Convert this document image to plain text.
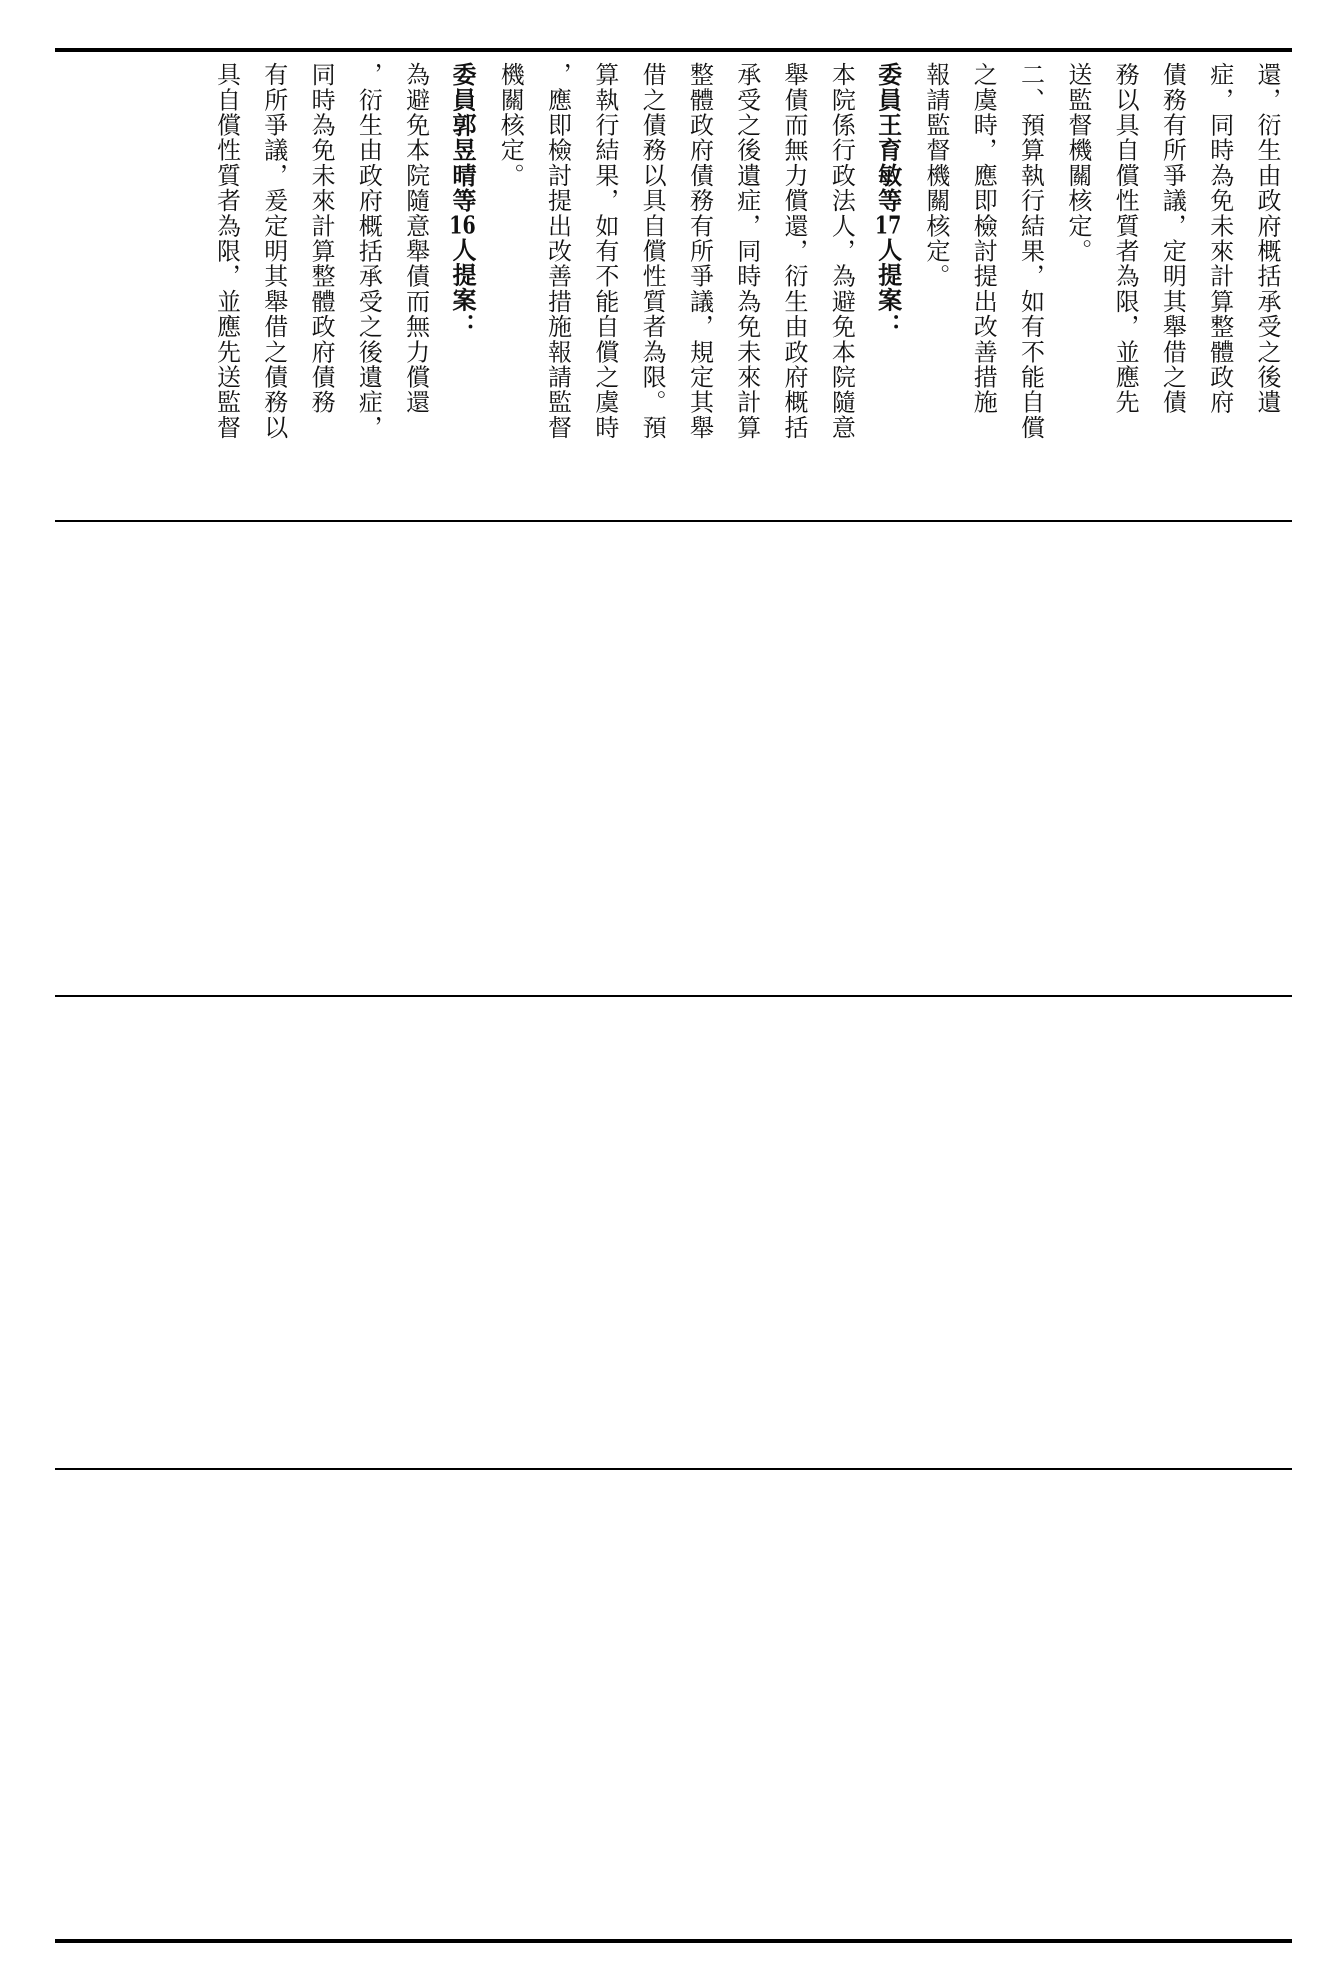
還，衍生由政府概括承受之後遺
症，同時為免未來計算整體政府
債務有所爭議，定明其舉借之債
務以具自償性質者為限，並應先
送監督機關核定。
二、預算執行結果，如有不能自償
之虞時，應即檢討提出改善措施
報請監督機關核定。
委員王育敏等17人提案：
本院係行政法人，為避免本院隨意
舉債而無力償還，衍生由政府概括
承受之後遺症，同時為免未來計算
整體政府債務有所爭議，規定其舉
借之債務以具自償性質者為限。預
算執行結果，如有不能自償之虞時
，應即檢討提出改善措施報請監督
機關核定。
委員郭昱晴等16人提案：
為避免本院隨意舉債而無力償還
，衍生由政府概括承受之後遺症，
同時為免未來計算整體政府債務
有所爭議，爰定明其舉借之債務以
具自償性質者為限，並應先送監督
